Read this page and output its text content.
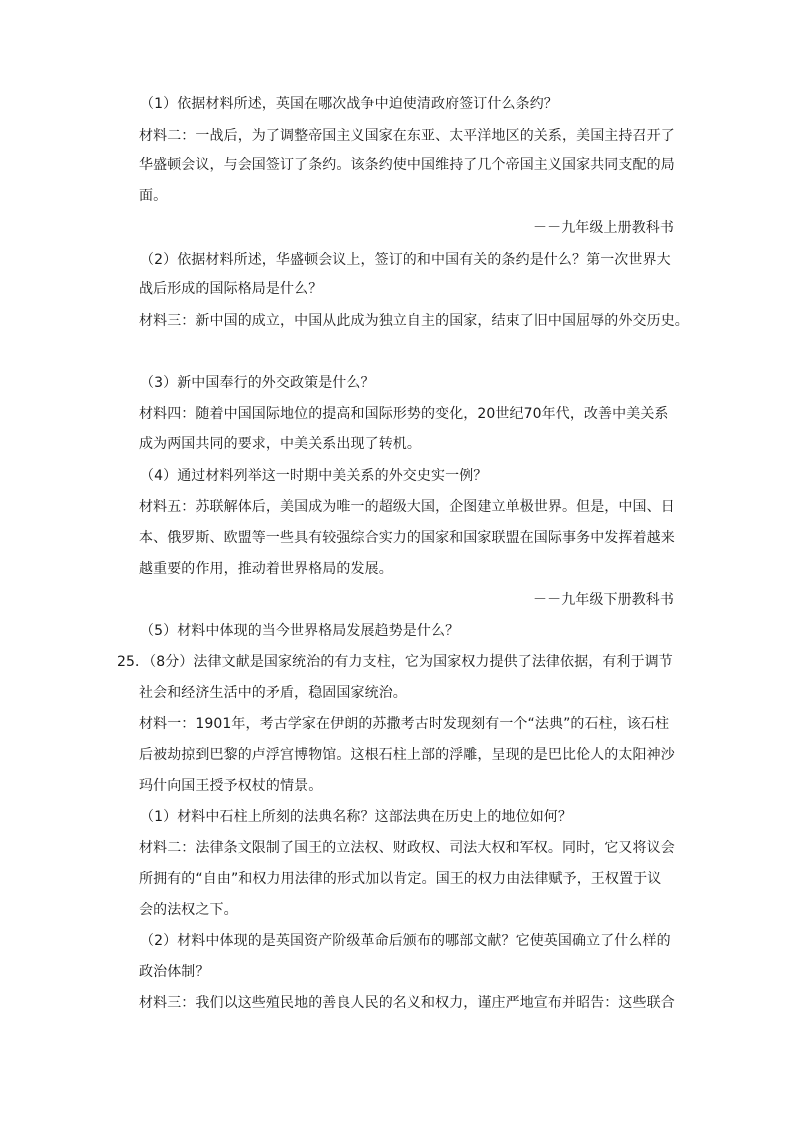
（1）依据材料所述，英国在哪次战争中迫使清政府签订什么条约？
材料二：一战后，为了调整帝国主义国家在东亚、太平洋地区的关系，美国主持召开了
华盛顿会议，与会国签订了条约。该条约使中国维持了几个帝国主义国家共同支配的局
面。
－－九年级上册教科书
（2）依据材料所述，华盛顿会议上，签订的和中国有关的条约是什么？第一次世界大
战后形成的国际格局是什么？
材料三：新中国的成立，中国从此成为独立自主的国家，结束了旧中国屈辱的外交历史。
（3）新中国奉行的外交政策是什么？
材料四：随着中国国际地位的提高和国际形势的变化，20世纪70年代，改善中美关系
成为两国共同的要求，中美关系出现了转机。
（4）通过材料列举这一时期中美关系的外交史实一例？
材料五：苏联解体后，美国成为唯一的超级大国，企图建立单极世界。但是，中国、日
本、俄罗斯、欧盟等一些具有较强综合实力的国家和国家联盟在国际事务中发挥着越来
越重要的作用，推动着世界格局的发展。
－－九年级下册教科书
（5）材料中体现的当今世界格局发展趋势是什么？
25．（8分）法律文献是国家统治的有力支柱，它为国家权力提供了法律依据，有利于调节
社会和经济生活中的矛盾，稳固国家统治。
材料一：1901年，考古学家在伊朗的苏撒考古时发现刻有一个“法典”的石柱，该石柱
后被劫掠到巴黎的卢浮宫博物馆。这根石柱上部的浮雕，呈现的是巴比伦人的太阳神沙
玛什向国王授予权杖的情景。
（1）材料中石柱上所刻的法典名称？这部法典在历史上的地位如何？
材料二：法律条文限制了国王的立法权、财政权、司法大权和军权。同时，它又将议会
所拥有的“自由”和权力用法律的形式加以肯定。国王的权力由法律赋予，王权置于议
会的法权之下。
（2）材料中体现的是英国资产阶级革命后颁布的哪部文献？它使英国确立了什么样的
政治体制？
材料三：我们以这些殖民地的善良人民的名义和权力，谨庄严地宣布并昭告：这些联合
